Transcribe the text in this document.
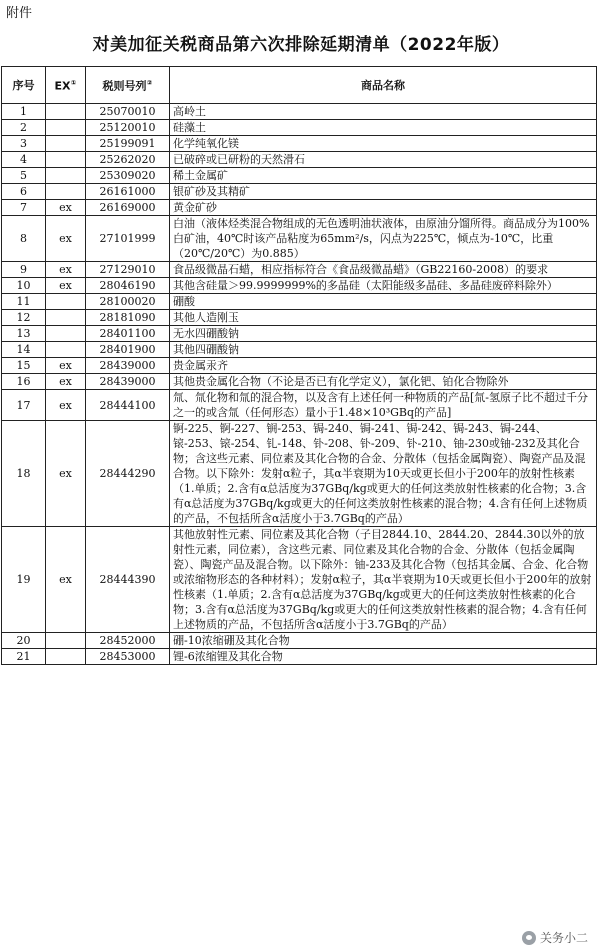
附件
对美加征关税商品第六次排除延期清单（2022年版）
序号	EX①	税则号列②	商品名称
1		25070010	高岭土
2		25120010	硅藻土
3		25199091	化学纯氧化镁
4		25262020	已破碎或已研粉的天然滑石
5		25309020	稀土金属矿
6		26161000	银矿砂及其精矿
7	ex	26169000	黄金矿砂
8	ex	27101999	白油（液体烃类混合物组成的无色透明油状液体，由原油分馏所得。商品成分为100%白矿油，40℃时该产品粘度为65mm²/s，闪点为225℃，倾点为-10℃，比重（20℃/20℃）为0.885）
9	ex	27129010	食品级微晶石蜡，相应指标符合《食品级微晶蜡》（GB22160-2008）的要求
10	ex	28046190	其他含硅量＞99.9999999%的多晶硅（太阳能级多晶硅、多晶硅废碎料除外）
11		28100020	硼酸
12		28181090	其他人造刚玉
13		28401100	无水四硼酸钠
14		28401900	其他四硼酸钠
15	ex	28439000	贵金属汞齐
16	ex	28439000	其他贵金属化合物（不论是否已有化学定义），氯化钯、铂化合物除外
17	ex	28444100	氚、氚化物和氚的混合物，以及含有上述任何一种物质的产品[氚-氢原子比不超过千分之一的或含氚（任何形态）量小于1.48×10³GBq的产品]
18	ex	28444290	锕-225、锕-227、锎-253、锔-240、锔-241、锔-242、锔-243、锔-244、锿-253、锿-254、钆-148、钋-208、钋-209、钋-210、铀-230或铀-232及其化合物；含这些元素、同位素及其化合物的合金、分散体（包括金属陶瓷）、陶瓷产品及混合物。以下除外：发射α粒子，其α半衰期为10天或更长但小于200年的放射性核素（1.单质；2.含有α总活度为37GBq/kg或更大的任何这类放射性核素的化合物；3.含有α总活度为37GBq/kg或更大的任何这类放射性核素的混合物；4.含有任何上述物质的产品，不包括所含α活度小于3.7GBq的产品）
19	ex	28444390	其他放射性元素、同位素及其化合物（子目2844.10、2844.20、2844.30以外的放射性元素，同位素），含这些元素、同位素及其化合物的合金、分散体（包括金属陶瓷）、陶瓷产品及混合物。以下除外：铀-233及其化合物（包括其金属、合金、化合物或浓缩物形态的各种材料）；发射α粒子，其α半衰期为10天或更长但小于200年的放射性核素（1.单质；2.含有α总活度为37GBq/kg或更大的任何这类放射性核素的化合物；3.含有α总活度为37GBq/kg或更大的任何这类放射性核素的混合物；4.含有任何上述物质的产品，不包括所含α活度小于3.7GBq的产品）
20		28452000	硼-10浓缩硼及其化合物
21		28453000	锂-6浓缩锂及其化合物
关务小二
